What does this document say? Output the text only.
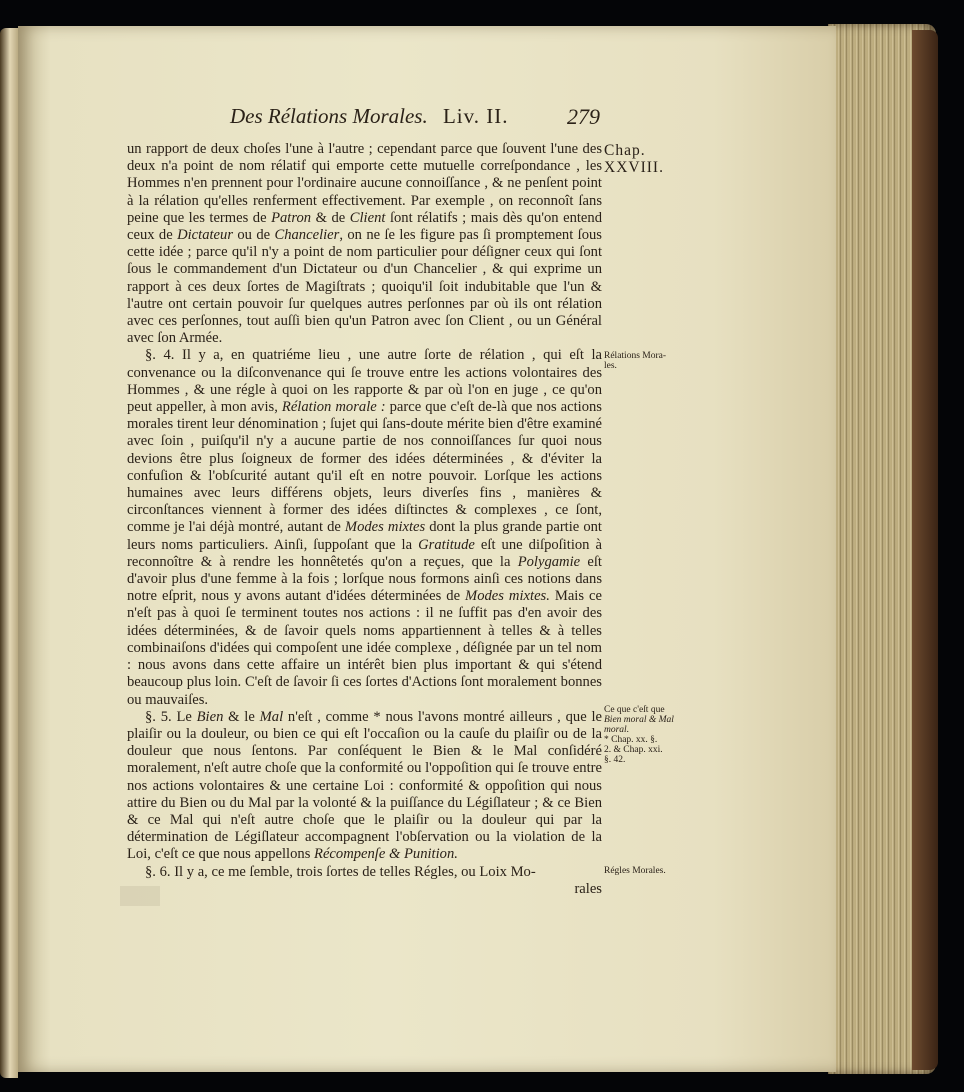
Des Rélations Morales. Liv. II.	279

un rapport de deux choſes l'une à l'autre ; cependant parce que ſouvent l'une des deux n'a point de nom rélatif qui emporte cette mutuelle correſpondance , les Hommes n'en prennent pour l'ordinaire aucune connoiſſance , & ne penſent point à la rélation qu'elles renferment effectivement. Par exemple , on reconnoît ſans peine que les termes de Patron & de Client ſont rélatifs ; mais dès qu'on entend ceux de Dictateur ou de Chancelier, on ne ſe les figure pas ſi promptement ſous cette idée ; parce qu'il n'y a point de nom particulier pour déſigner ceux qui ſont ſous le commandement d'un Dictateur ou d'un Chancelier , & qui exprime un rapport à ces deux ſortes de Magiſtrats ; quoiqu'il ſoit indubitable que l'un & l'autre ont certain pouvoir ſur quelques autres perſonnes par où ils ont rélation avec ces perſonnes, tout auſſi bien qu'un Patron avec ſon Client , ou un Général avec ſon Armée.

§. 4. Il y a, en quatriéme lieu , une autre ſorte de rélation , qui eſt la convenance ou la diſconvenance qui ſe trouve entre les actions volontaires des Hommes , & une régle à quoi on les rapporte & par où l'on en juge , ce qu'on peut appeller, à mon avis, Rélation morale : parce que c'eſt de-là que nos actions morales tirent leur dénomination ; ſujet qui ſans-doute mérite bien d'être examiné avec ſoin , puiſqu'il n'y a aucune partie de nos connoiſſances ſur quoi nous devions être plus ſoigneux de former des idées déterminées , & d'éviter la confuſion & l'obſcurité autant qu'il eſt en notre pouvoir. Lorſque les actions humaines avec leurs différens objets, leurs diverſes fins , manières & circonſtances viennent à former des idées diſtinctes & complexes , ce ſont, comme je l'ai déjà montré, autant de Modes mixtes dont la plus grande partie ont leurs noms particuliers. Ainſi, ſuppoſant que la Gratitude eſt une diſpoſition à reconnoître & à rendre les honnêtetés qu'on a reçues, que la Polygamie eſt d'avoir plus d'une femme à la fois ; lorſque nous formons ainſi ces notions dans notre eſprit, nous y avons autant d'idées déterminées de Modes mixtes. Mais ce n'eſt pas à quoi ſe terminent toutes nos actions : il ne ſuffit pas d'en avoir des idées déterminées, & de ſavoir quels noms appartiennent à telles & à telles combinaiſons d'idées qui compoſent une idée complexe , déſignée par un tel nom : nous avons dans cette affaire un intérêt bien plus important & qui s'étend beaucoup plus loin. C'eſt de ſavoir ſi ces ſortes d'Actions ſont moralement bonnes ou mauvaiſes.

§. 5. Le Bien & le Mal n'eſt , comme * nous l'avons montré ailleurs , que le plaiſir ou la douleur, ou bien ce qui eſt l'occaſion ou la cauſe du plaiſir ou de la douleur que nous ſentons. Par conſéquent le Bien & le Mal conſidéré moralement, n'eſt autre choſe que la conformité ou l'oppoſition qui ſe trouve entre nos actions volontaires & une certaine Loi : conformité & oppoſition qui nous attire du Bien ou du Mal par la volonté & la puiſſance du Légiſlateur ; & ce Bien & ce Mal qui n'eſt autre choſe que le plaiſir ou la douleur qui par la détermination de Légiſlateur accompagnent l'obſervation ou la violation de la Loi, c'eſt ce que nous appellons Récompenſe & Punition.

§. 6. Il y a, ce me ſemble, trois ſortes de telles Régles, ou Loix Mo-

rales

Chap.
XXVIII.
Rélations Mora-
les.
Ce que c'eſt que
Bien moral & Mal
moral.
* Chap. xx. §.
2. & Chap. xxi.
§. 42.
Régles Morales.
